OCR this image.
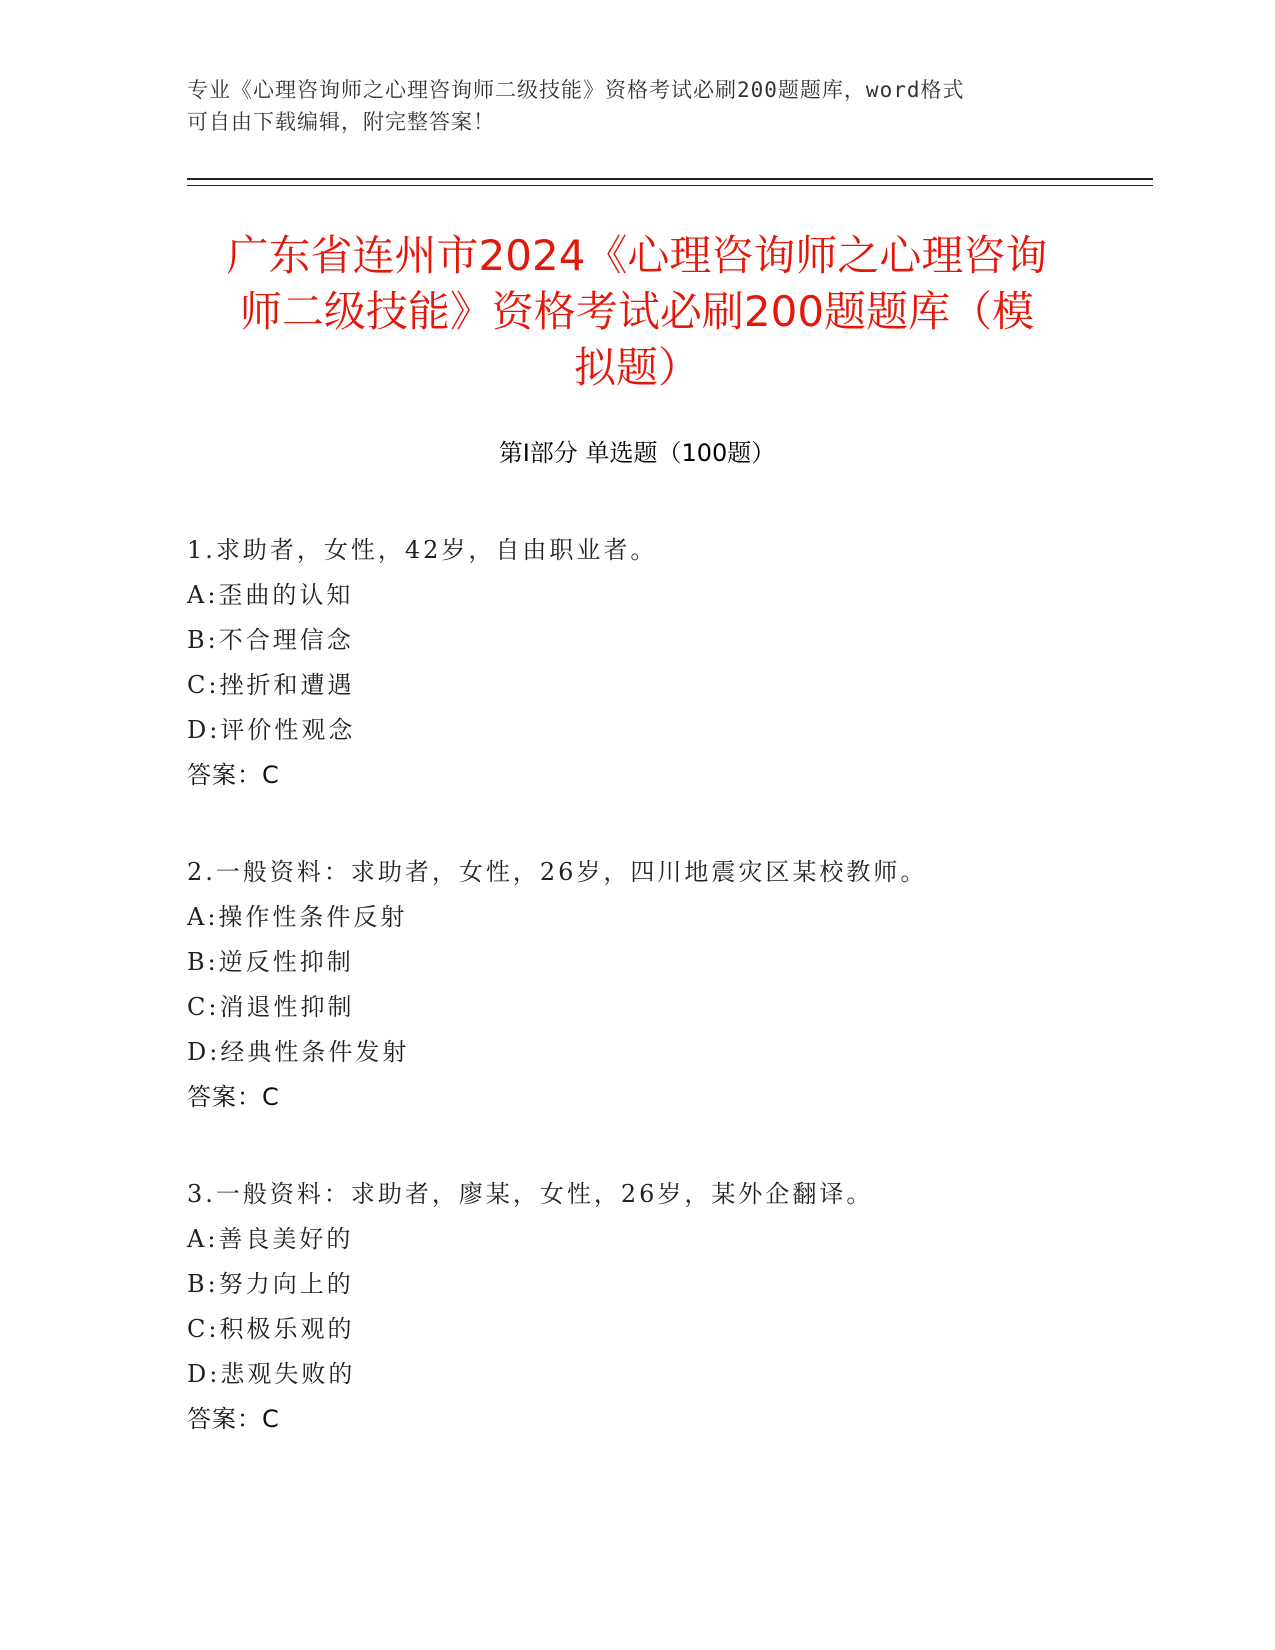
专业《心理咨询师之心理咨询师二级技能》资格考试必刷200题题库，word格式
可自由下载编辑，附完整答案！
广东省连州市2024《心理咨询师之心理咨询
师二级技能》资格考试必刷200题题库（模
拟题）
第Ⅰ部分 单选题（100题）
1.求助者，女性，42岁，自由职业者。
A:歪曲的认知
B:不合理信念
C:挫折和遭遇
D:评价性观念
答案：C
2.一般资料：求助者，女性，26岁，四川地震灾区某校教师。
A:操作性条件反射
B:逆反性抑制
C:消退性抑制
D:经典性条件发射
答案：C
3.一般资料：求助者，廖某，女性，26岁，某外企翻译。
A:善良美好的
B:努力向上的
C:积极乐观的
D:悲观失败的
答案：C
